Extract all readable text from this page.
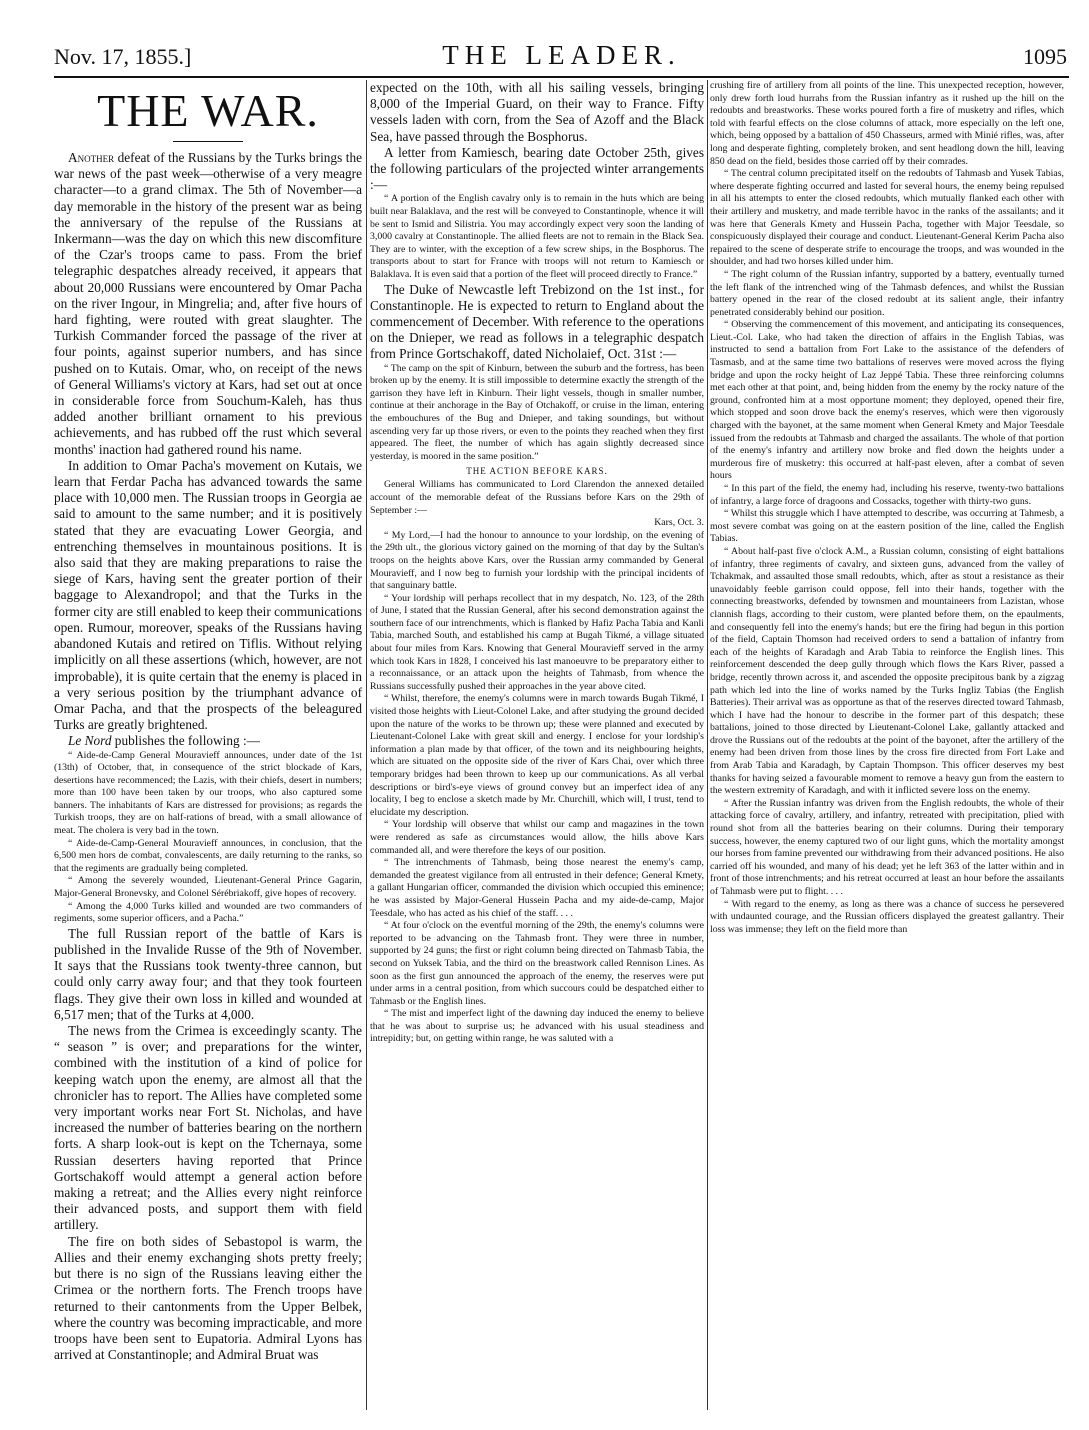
Nov. 17, 1855.]	THE LEADER.	1095
THE WAR.

Another defeat of the Russians by the Turks brings the war news of the past week—otherwise of a very meagre character—to a grand climax. The 5th of November—a day memorable in the history of the present war as being the anniversary of the repulse of the Russians at Inkermann—was the day on which this new discomfiture of the Czar's troops came to pass. From the brief telegraphic despatches already received, it appears that about 20,000 Russians were encountered by Omar Pacha on the river Ingour, in Mingrelia; and, after five hours of hard fighting, were routed with great slaughter. The Turkish Commander forced the passage of the river at four points, against superior numbers, and has since pushed on to Kutais. Omar, who, on receipt of the news of General Williams's victory at Kars, had set out at once in considerable force from Souchum-Kaleh, has thus added another brilliant ornament to his previous achievements, and has rubbed off the rust which several months' inaction had gathered round his name.

In addition to Omar Pacha's movement on Kutais, we learn that Ferdar Pacha has advanced towards the same place with 10,000 men. The Russian troops in Georgia ae said to amount to the same number; and it is positively stated that they are evacuating Lower Georgia, and entrenching themselves in mountainous positions. It is also said that they are making preparations to raise the siege of Kars, having sent the greater portion of their baggage to Alexandropol; and that the Turks in the former city are still enabled to keep their communications open. Rumour, moreover, speaks of the Russians having abandoned Kutais and retired on Tiflis. Without relying implicitly on all these assertions (which, however, are not improbable), it is quite certain that the enemy is placed in a very serious position by the triumphant advance of Omar Pacha, and that the prospects of the beleagured Turks are greatly brightened.

Le Nord publishes the following :—

“ Aide-de-Camp General Mouravieff announces, under date of the 1st (13th) of October, that, in consequence of the strict blockade of Kars, desertions have recommenced; the Lazis, with their chiefs, desert in numbers; more than 100 have been taken by our troops, who also captured some banners. The inhabitants of Kars are distressed for provisions; as regards the Turkish troops, they are on half-rations of bread, with a small allowance of meat. The cholera is very bad in the town.

“ Aide-de-Camp-General Mouravieff announces, in conclusion, that the 6,500 men hors de combat, convalescents, are daily returning to the ranks, so that the regiments are gradually being completed.

“ Among the severely wounded, Lieutenant-General Prince Gagarin, Major-General Bronevsky, and Colonel Sérébriakoff, give hopes of recovery.

“ Among the 4,000 Turks killed and wounded are two commanders of regiments, some superior officers, and a Pacha.”

The full Russian report of the battle of Kars is published in the Invalide Russe of the 9th of November. It says that the Russians took twenty-three cannon, but could only carry away four; and that they took fourteen flags. They give their own loss in killed and wounded at 6,517 men; that of the Turks at 4,000.

The news from the Crimea is exceedingly scanty. The “ season ” is over; and preparations for the winter, combined with the institution of a kind of police for keeping watch upon the enemy, are almost all that the chronicler has to report. The Allies have completed some very important works near Fort St. Nicholas, and have increased the number of batteries bearing on the northern forts. A sharp look-out is kept on the Tchernaya, some Russian deserters having reported that Prince Gortschakoff would attempt a general action before making a retreat; and the Allies every night reinforce their advanced posts, and support them with field artillery.

The fire on both sides of Sebastopol is warm, the Allies and their enemy exchanging shots pretty freely; but there is no sign of the Russians leaving either the Crimea or the northern forts. The French troops have returned to their cantonments from the Upper Belbek, where the country was becoming impracticable, and more troops have been sent to Eupatoria. Admiral Lyons has arrived at Constantinople; and Admiral Bruat was

expected on the 10th, with all his sailing vessels, bringing 8,000 of the Imperial Guard, on their way to France. Fifty vessels laden with corn, from the Sea of Azoff and the Black Sea, have passed through the Bosphorus.

A letter from Kamiesch, bearing date October 25th, gives the following particulars of the projected winter arrangements :—

“ A portion of the English cavalry only is to remain in the huts which are being built near Balaklava, and the rest will be conveyed to Constantinople, whence it will be sent to Ismid and Silistria. You may accordingly expect very soon the landing of 3,000 cavalry at Constantinople. The allied fleets are not to remain in the Black Sea. They are to winter, with the exception of a few screw ships, in the Bosphorus. The transports about to start for France with troops will not return to Kamiesch or Balaklava. It is even said that a portion of the fleet will proceed directly to France.”

The Duke of Newcastle left Trebizond on the 1st inst., for Constantinople. He is expected to return to England about the commencement of December. With reference to the operations on the Dnieper, we read as follows in a telegraphic despatch from Prince Gortschakoff, dated Nicholaief, Oct. 31st :—

“ The camp on the spit of Kinburn, between the suburb and the fortress, has been broken up by the enemy. It is still impossible to determine exactly the strength of the garrison they have left in Kinburn. Their light vessels, though in smaller number, continue at their anchorage in the Bay of Otchakoff, or cruise in the liman, entering the embouchures of the Bug and Dnieper, and taking soundings, but without ascending very far up those rivers, or even to the points they reached when they first appeared. The fleet, the number of which has again slightly decreased since yesterday, is moored in the same position.”

THE ACTION BEFORE KARS.

General Williams has communicated to Lord Clarendon the annexed detailed account of the memorable defeat of the Russians before Kars on the 29th of September :—

Kars, Oct. 3.

“ My Lord,—I had the honour to announce to your lordship, on the evening of the 29th ult., the glorious victory gained on the morning of that day by the Sultan's troops on the heights above Kars, over the Russian army commanded by General Mouravieff, and I now beg to furnish your lordship with the principal incidents of that sanguinary battle.

“ Your lordship will perhaps recollect that in my despatch, No. 123, of the 28th of June, I stated that the Russian General, after his second demonstration against the southern face of our intrenchments, which is flanked by Hafiz Pacha Tabia and Kanli Tabia, marched South, and established his camp at Bugah Tikmé, a village situated about four miles from Kars. Knowing that General Mouravieff served in the army which took Kars in 1828, I conceived his last manoeuvre to be preparatory either to a reconnaissance, or an attack upon the heights of Tahmasb, from whence the Russians successfully pushed their approaches in the year above cited.

“ Whilst, therefore, the enemy's columns were in march towards Bugah Tikmé, I visited those heights with Lieut-Colonel Lake, and after studying the ground decided upon the nature of the works to be thrown up; these were planned and executed by Lieutenant-Colonel Lake with great skill and energy. I enclose for your lordship's information a plan made by that officer, of the town and its neighbouring heights, which are situated on the opposite side of the river of Kars Chai, over which three temporary bridges had been thrown to keep up our communications. As all verbal descriptions or bird's-eye views of ground convey but an imperfect idea of any locality, I beg to enclose a sketch made by Mr. Churchill, which will, I trust, tend to elucidate my description.

“ Your lordship will observe that whilst our camp and magazines in the town were rendered as safe as circumstances would allow, the hills above Kars commanded all, and were therefore the keys of our position.

“ The intrenchments of Tahmasb, being those nearest the enemy's camp, demanded the greatest vigilance from all entrusted in their defence; General Kmety, a gallant Hungarian officer, commanded the division which occupied this eminence; he was assisted by Major-General Hussein Pacha and my aide-de-camp, Major Teesdale, who has acted as his chief of the staff. . . .

“ At four o'clock on the eventful morning of the 29th, the enemy's columns were reported to be advancing on the Tahmasb front. They were three in number, supported by 24 guns; the first or right column being directed on Tahmasb Tabia, the second on Yuksek Tabia, and the third on the breastwork called Rennison Lines. As soon as the first gun announced the approach of the enemy, the reserves were put under arms in a central position, from which succours could be despatched either to Tahmasb or the English lines.

“ The mist and imperfect light of the dawning day induced the enemy to believe that he was about to surprise us; he advanced with his usual steadiness and intrepidity; but, on getting within range, he was saluted with a

crushing fire of artillery from all points of the line. This unexpected reception, however, only drew forth loud hurrahs from the Russian infantry as it rushed up the hill on the redoubts and breastworks. These works poured forth a fire of musketry and rifles, which told with fearful effects on the close columns of attack, more especially on the left one, which, being opposed by a battalion of 450 Chasseurs, armed with Minié rifles, was, after long and desperate fighting, completely broken, and sent headlong down the hill, leaving 850 dead on the field, besides those carried off by their comrades.

“ The central column precipitated itself on the redoubts of Tahmasb and Yusek Tabias, where desperate fighting occurred and lasted for several hours, the enemy being repulsed in all his attempts to enter the closed redoubts, which mutually flanked each other with their artillery and musketry, and made terrible havoc in the ranks of the assailants; and it was here that Generals Kmety and Hussein Pacha, together with Major Teesdale, so conspicuously displayed their courage and conduct. Lieutenant-General Kerim Pacha also repaired to the scene of desperate strife to encourage the troops, and was wounded in the shoulder, and had two horses killed under him.

“ The right column of the Russian infantry, supported by a battery, eventually turned the left flank of the intrenched wing of the Tahmasb defences, and whilst the Russian battery opened in the rear of the closed redoubt at its salient angle, their infantry penetrated considerably behind our position.

“ Observing the commencement of this movement, and anticipating its consequences, Lieut.-Col. Lake, who had taken the direction of affairs in the English Tabias, was instructed to send a battalion from Fort Lake to the assistance of the defenders of Tasmasb, and at the same time two battalions of reserves were moved across the flying bridge and upon the rocky height of Laz Jeppé Tabia. These three reinforcing columns met each other at that point, and, being hidden from the enemy by the rocky nature of the ground, confronted him at a most opportune moment; they deployed, opened their fire, which stopped and soon drove back the enemy's reserves, which were then vigorously charged with the bayonet, at the same moment when General Kmety and Major Teesdale issued from the redoubts at Tahmasb and charged the assailants. The whole of that portion of the enemy's infantry and artillery now broke and fled down the heights under a murderous fire of musketry: this occurred at half-past eleven, after a combat of seven hours

“ In this part of the field, the enemy had, including his reserve, twenty-two battalions of infantry, a large force of dragoons and Cossacks, together with thirty-two guns.

“ Whilst this struggle which I have attempted to describe, was occurring at Tahmesb, a most severe combat was going on at the eastern position of the line, called the English Tabias.

“ About half-past five o'clock A.M., a Russian column, consisting of eight battalions of infantry, three regiments of cavalry, and sixteen guns, advanced from the valley of Tchakmak, and assaulted those small redoubts, which, after as stout a resistance as their unavoidably feeble garrison could oppose, fell into their hands, together with the connecting breastworks, defended by townsmen and mountaineers from Lazistan, whose clannish flags, according to their custom, were planted before them, on the epaulments, and consequently fell into the enemy's hands; but ere the firing had begun in this portion of the field, Captain Thomson had received orders to send a battalion of infantry from each of the heights of Karadagh and Arab Tabia to reinforce the English lines. This reinforcement descended the deep gully through which flows the Kars River, passed a bridge, recently thrown across it, and ascended the opposite precipitous bank by a zigzag path which led into the line of works named by the Turks Ingliz Tabias (the English Batteries). Their arrival was as opportune as that of the reserves directed toward Tahmasb, which I have had the honour to describe in the former part of this despatch; these battalions, joined to those directed by Lieutenant-Colonel Lake, gallantly attacked and drove the Russians out of the redoubts at the point of the bayonet, after the artillery of the enemy had been driven from those lines by the cross fire directed from Fort Lake and from Arab Tabia and Karadagh, by Captain Thompson. This officer deserves my best thanks for having seized a favourable moment to remove a heavy gun from the eastern to the western extremity of Karadagh, and with it inflicted severe loss on the enemy.

“ After the Russian infantry was driven from the English redoubts, the whole of their attacking force of cavalry, artillery, and infantry, retreated with precipitation, plied with round shot from all the batteries bearing on their columns. During their temporary success, however, the enemy captured two of our light guns, which the mortality amongst our horses from famine prevented our withdrawing from their advanced positions. He also carried off his wounded, and many of his dead; yet he left 363 of the latter within and in front of those intrenchments; and his retreat occurred at least an hour before the assailants of Tahmasb were put to flight. . . .

“ With regard to the enemy, as long as there was a chance of success he persevered with undaunted courage, and the Russian officers displayed the greatest gallantry. Their loss was immense; they left on the field more than
